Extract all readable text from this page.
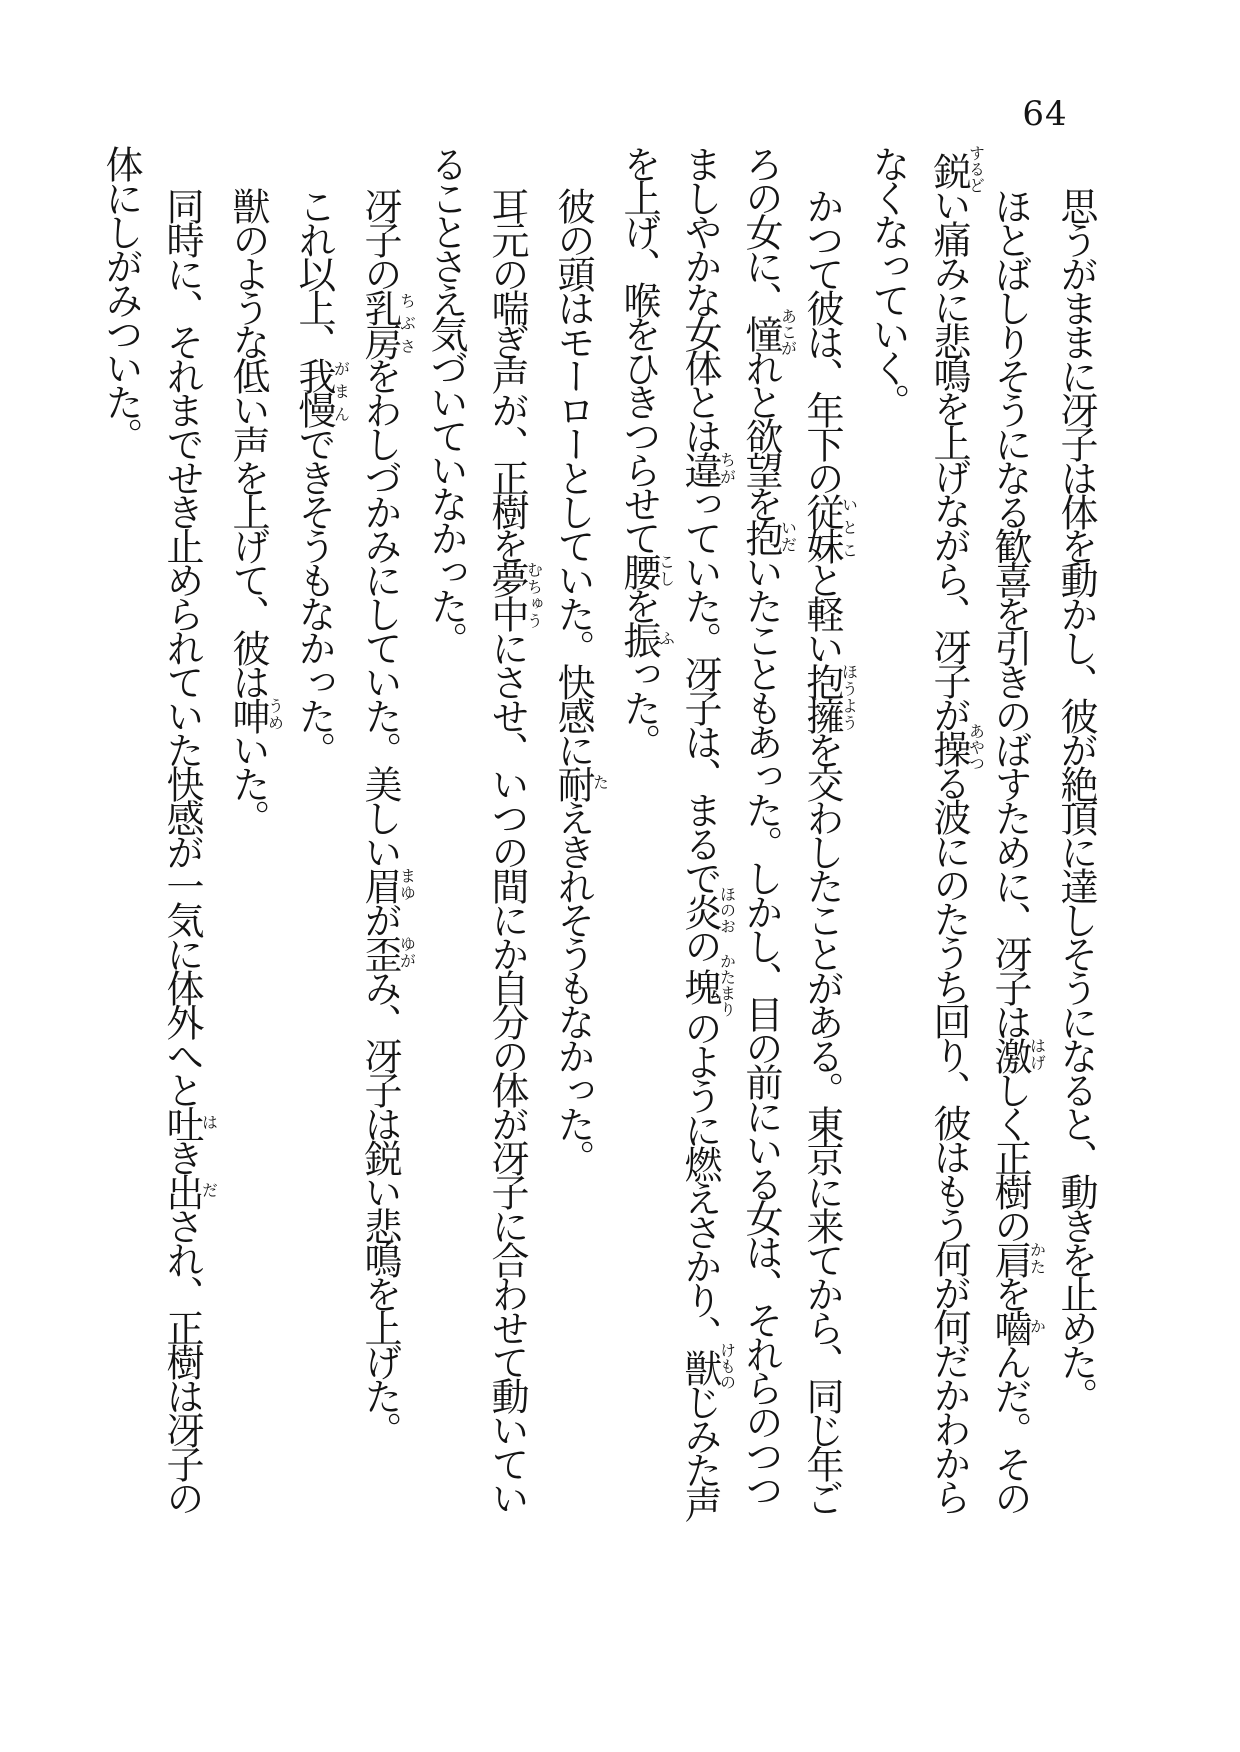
64

思うがままに冴子は体を動かし、彼が絶頂に達しそうになると、動きを止めた。

ほとばしりそうになる歓喜を引きのばすために、冴子は激はげしく正樹の肩かたを嚙かんだ。その鋭するどい痛みに悲鳴を上げながら、冴子が操あやつる波にのたうち回り、彼はもう何が何だかわからなくなっていく。

かつて彼は、年下の従妹いとこと軽い抱擁ほうようを交わしたことがある。東京に来てから、同じ年ごろの女に、憧あこがれと欲望を抱いだいたこともあった。しかし、目の前にいる女は、それらのつつましやかな女体とは違ちがっていた。冴子は、まるで炎ほのおの塊かたまりのように燃えさかり、獣けものじみた声を上げ、喉をひきつらせて腰こしを振ふった。

彼の頭はモーローとしていた。快感に耐たえきれそうもなかった。

耳元の喘ぎ声が、正樹を夢中むちゅうにさせ、いつの間にか自分の体が冴子に合わせて動いていることさえ気づいていなかった。

冴子の乳房ちぶさをわしづかみにしていた。美しい眉まゆが歪ゆがみ、冴子は鋭い悲鳴を上げた。

これ以上、我慢がまんできそうもなかった。

獣のような低い声を上げて、彼は呻うめいた。

同時に、それまでせき止められていた快感が一気に体外へと吐はき出だされ、正樹は冴子の体にしがみついた。
